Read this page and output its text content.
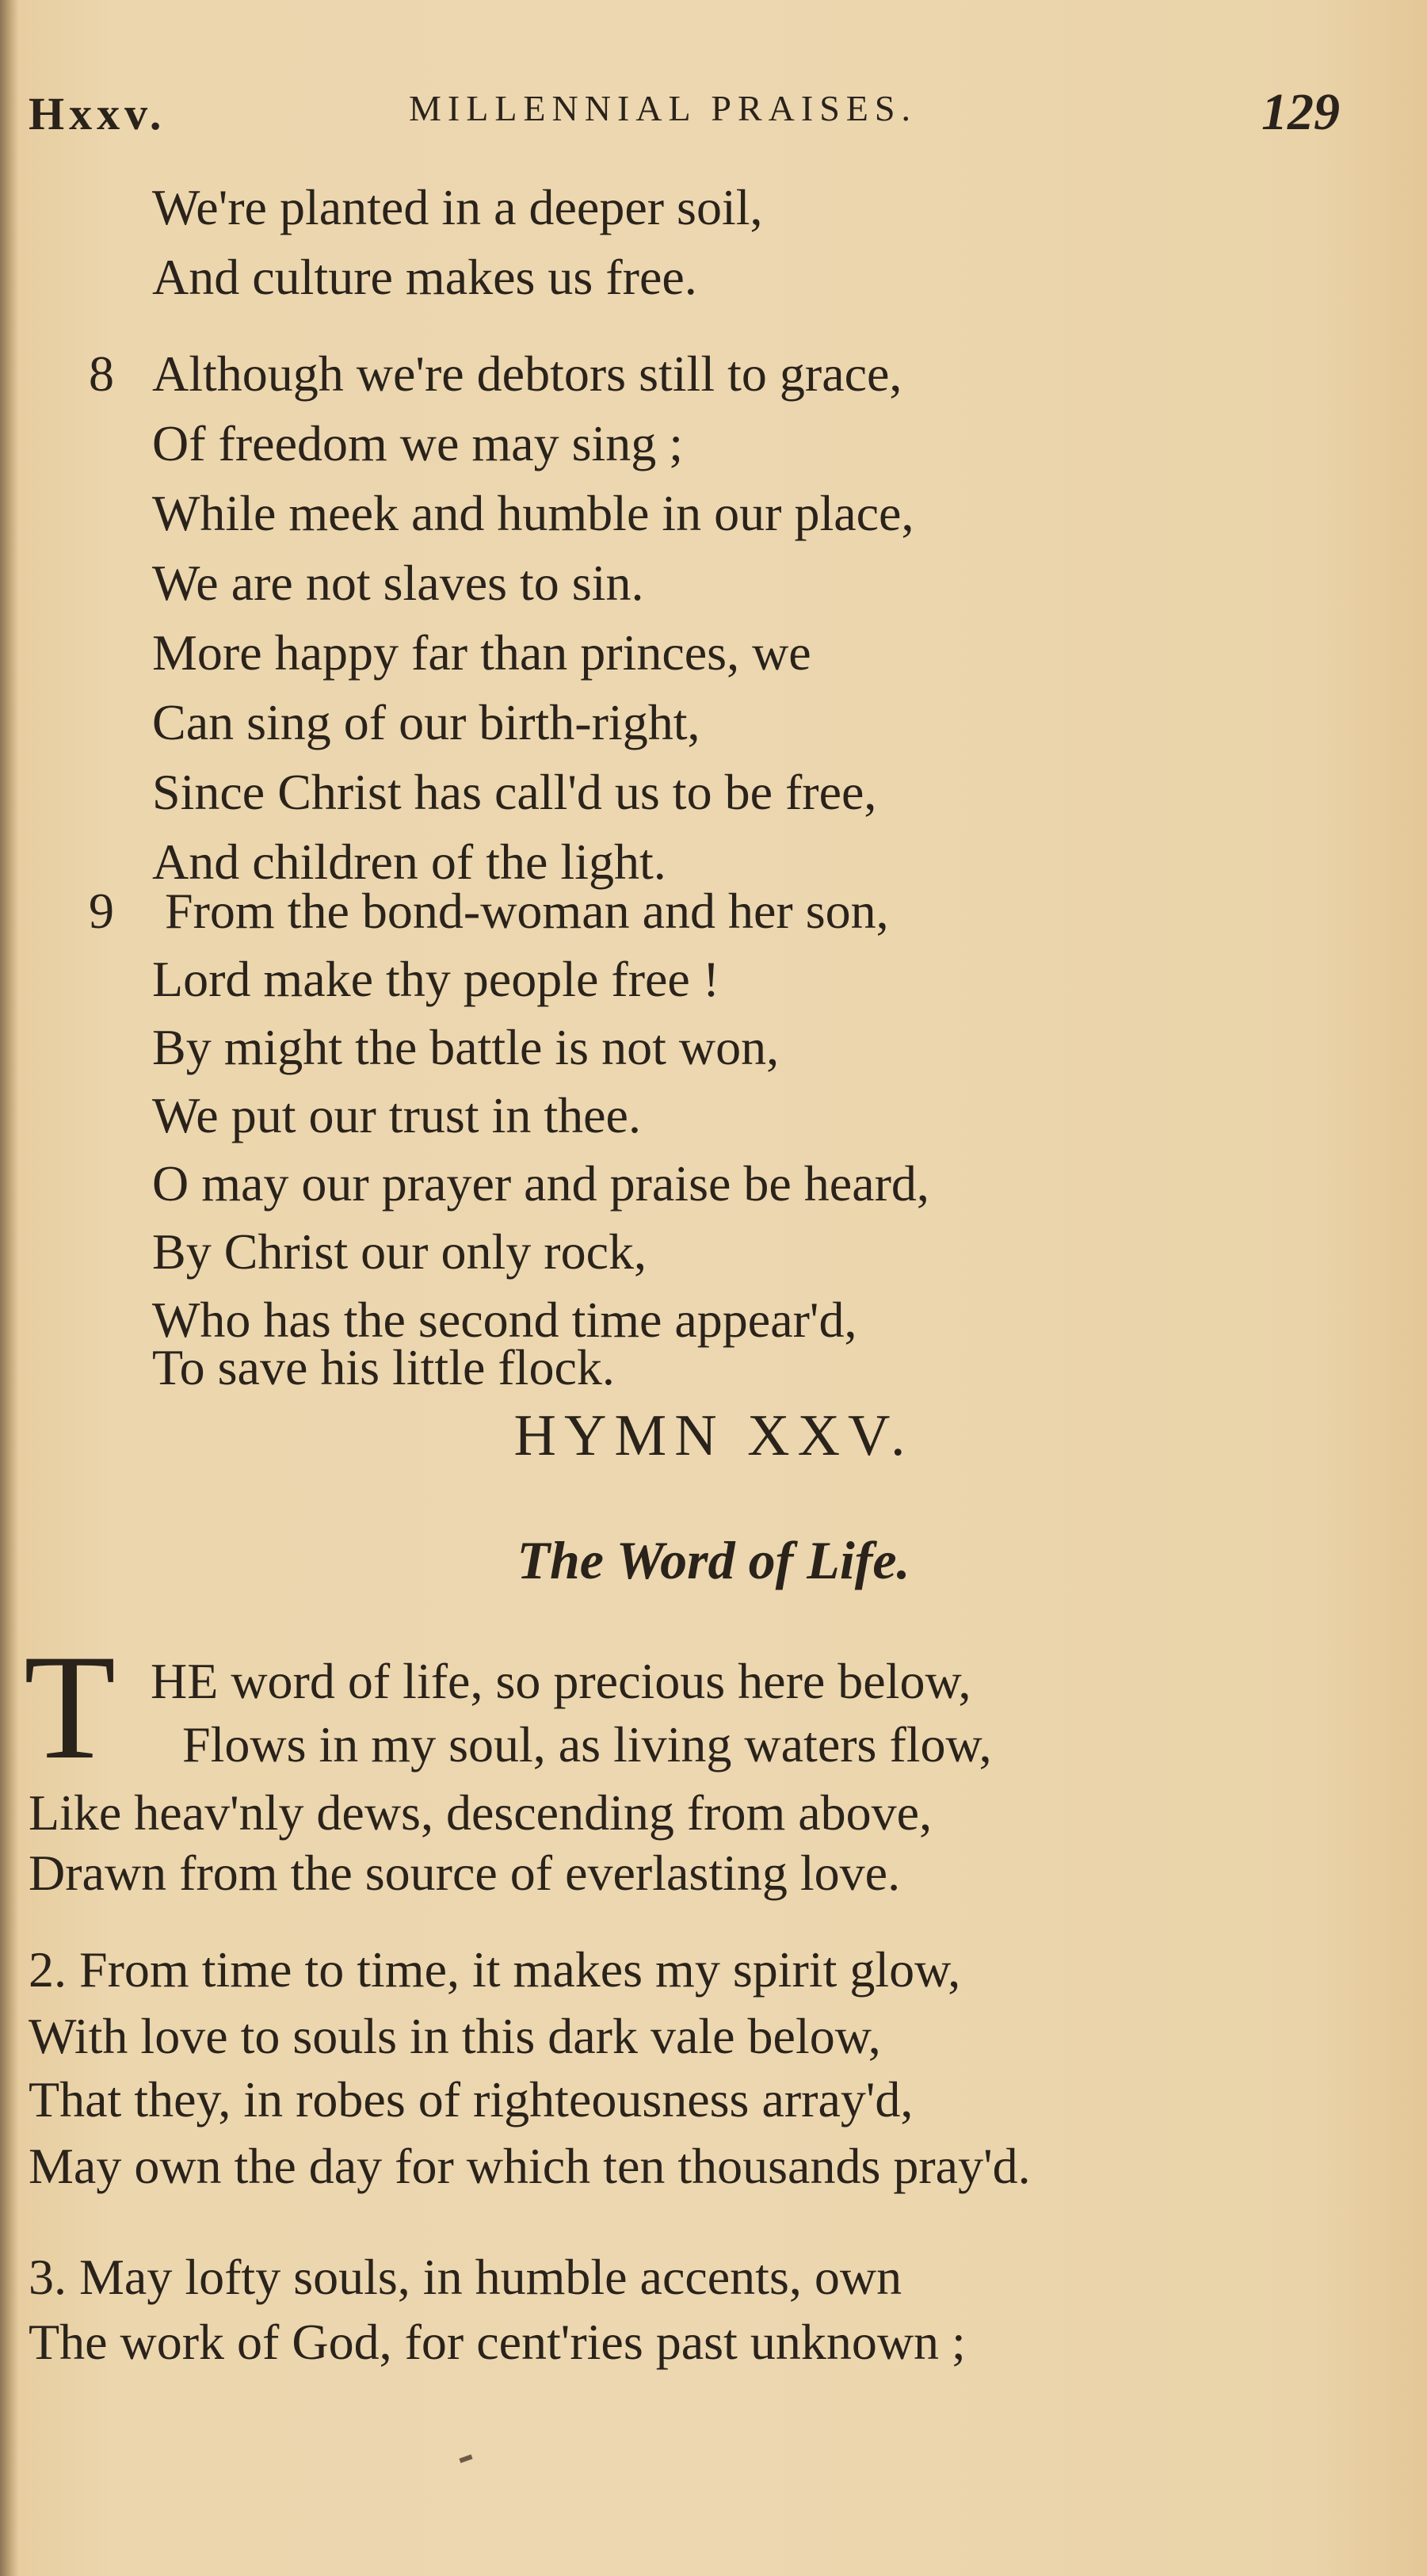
Hxxv.	MILLENNIAL PRAISES.	129
We're planted in a deeper soil,
And culture makes us free.
8 Although we're debtors still to grace,
Of freedom we may sing ;
While meek and humble in our place,
We are not slaves to sin.
More happy far than princes, we
Can sing of our birth-right,
Since Christ has call'd us to be free,
And children of the light.
9 From the bond-woman and her son,
Lord make thy people free !
By might the battle is not won,
We put our trust in thee.
O may our prayer and praise be heard,
By Christ our only rock,
Who has the second time appear'd,
To save his little flock.
HYMN XXV.
The Word of Life.
T HE word of life, so precious here below,
Flows in my soul, as living waters flow,
Like heav'nly dews, descending from above,
Drawn from the source of everlasting love.
2. From time to time, it makes my spirit glow,
With love to souls in this dark vale below,
That they, in robes of righteousness array'd,
May own the day for which ten thousands pray'd.
3. May lofty souls, in humble accents, own
The work of God, for cent'ries past unknown ;
